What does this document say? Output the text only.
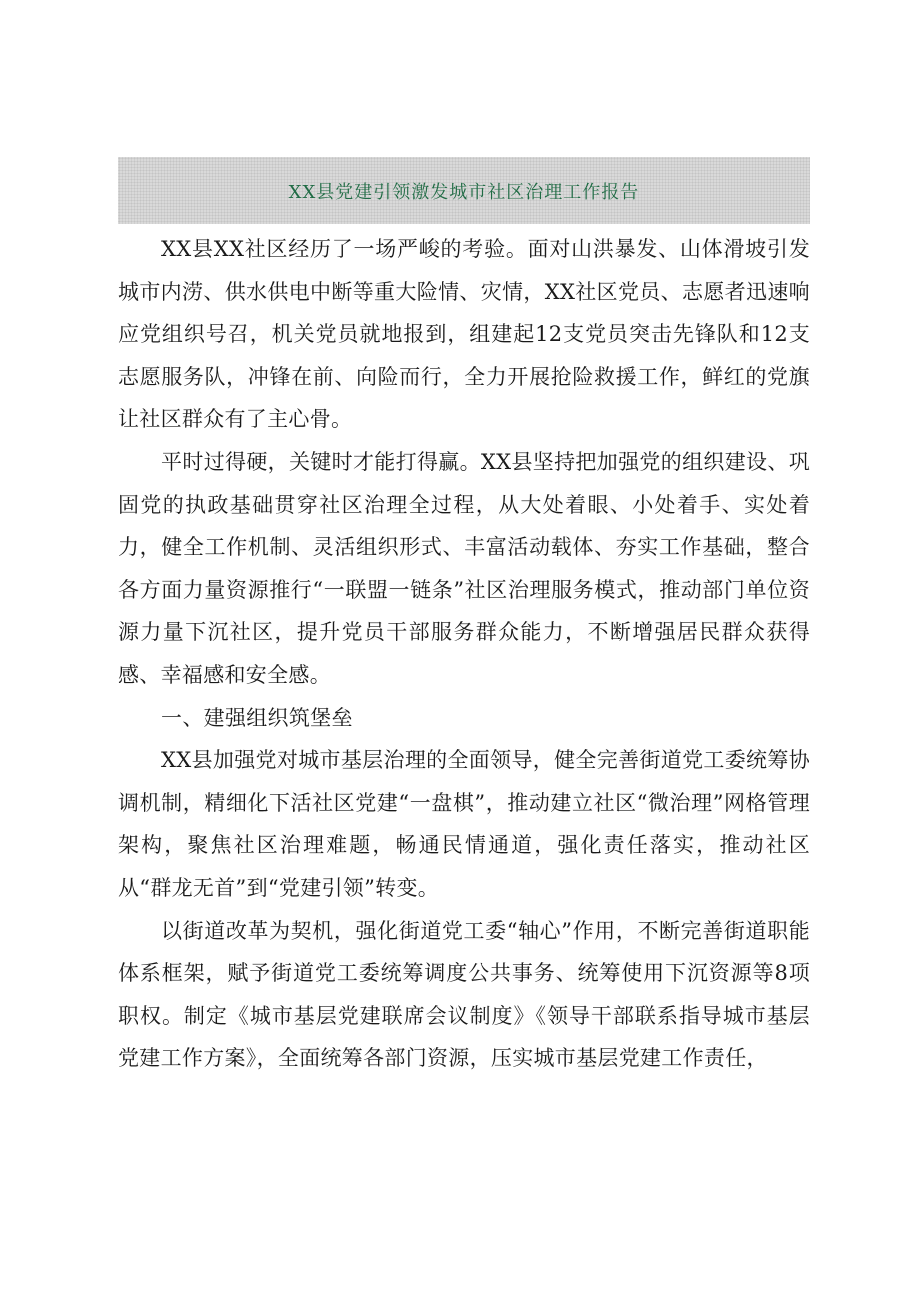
XX县党建引领激发城市社区治理工作报告

XX县XX社区经历了一场严峻的考验。面对山洪暴发、山体滑坡引发城市内涝、供水供电中断等重大险情、灾情，XX社区党员、志愿者迅速响应党组织号召，机关党员就地报到，组建起12支党员突击先锋队和12支志愿服务队，冲锋在前、向险而行，全力开展抢险救援工作，鲜红的党旗让社区群众有了主心骨。

平时过得硬，关键时才能打得赢。XX县坚持把加强党的组织建设、巩固党的执政基础贯穿社区治理全过程，从大处着眼、小处着手、实处着力，健全工作机制、灵活组织形式、丰富活动载体、夯实工作基础，整合各方面力量资源推行“一联盟一链条”社区治理服务模式，推动部门单位资源力量下沉社区，提升党员干部服务群众能力，不断增强居民群众获得感、幸福感和安全感。

一、建强组织筑堡垒

XX县加强党对城市基层治理的全面领导，健全完善街道党工委统筹协调机制，精细化下活社区党建“一盘棋”，推动建立社区“微治理”网格管理架构，聚焦社区治理难题，畅通民情通道，强化责任落实，推动社区从“群龙无首”到“党建引领”转变。

以街道改革为契机，强化街道党工委“轴心”作用，不断完善街道职能体系框架，赋予街道党工委统筹调度公共事务、统筹使用下沉资源等8项职权。制定《城市基层党建联席会议制度》《领导干部联系指导城市基层党建工作方案》，全面统筹各部门资源，压实城市基层党建工作责任，
